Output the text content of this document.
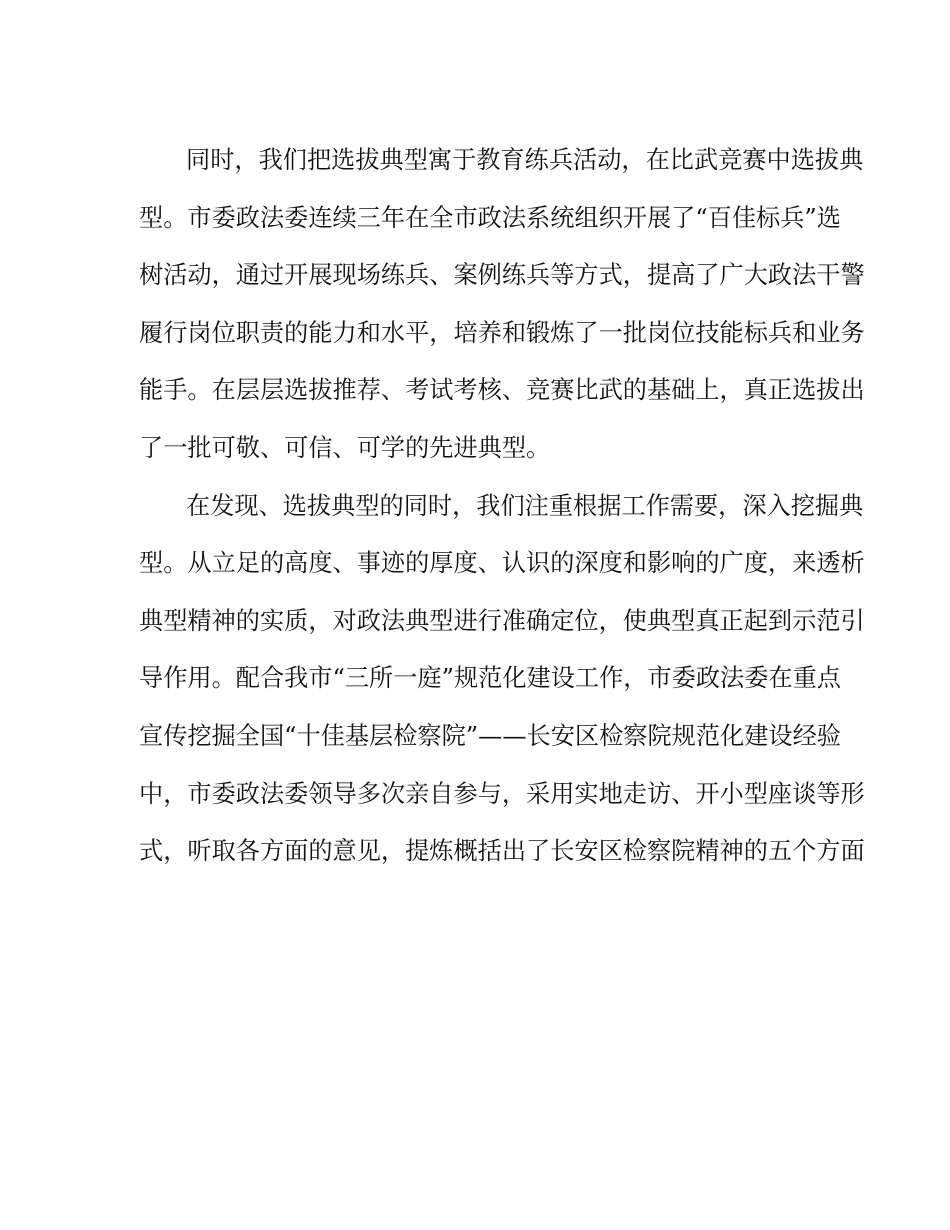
同时，我们把选拔典型寓于教育练兵活动，在比武竞赛中选拔典
型。市委政法委连续三年在全市政法系统组织开展了“百佳标兵”选
树活动，通过开展现场练兵、案例练兵等方式，提高了广大政法干警
履行岗位职责的能力和水平，培养和锻炼了一批岗位技能标兵和业务
能手。在层层选拔推荐、考试考核、竞赛比武的基础上，真正选拔出
了一批可敬、可信、可学的先进典型。
在发现、选拔典型的同时，我们注重根据工作需要，深入挖掘典
型。从立足的高度、事迹的厚度、认识的深度和影响的广度，来透析
典型精神的实质，对政法典型进行准确定位，使典型真正起到示范引
导作用。配合我市“三所一庭”规范化建设工作，市委政法委在重点
宣传挖掘全国“十佳基层检察院”——长安区检察院规范化建设经验
中，市委政法委领导多次亲自参与，采用实地走访、开小型座谈等形
式，听取各方面的意见，提炼概括出了长安区检察院精神的五个方面
